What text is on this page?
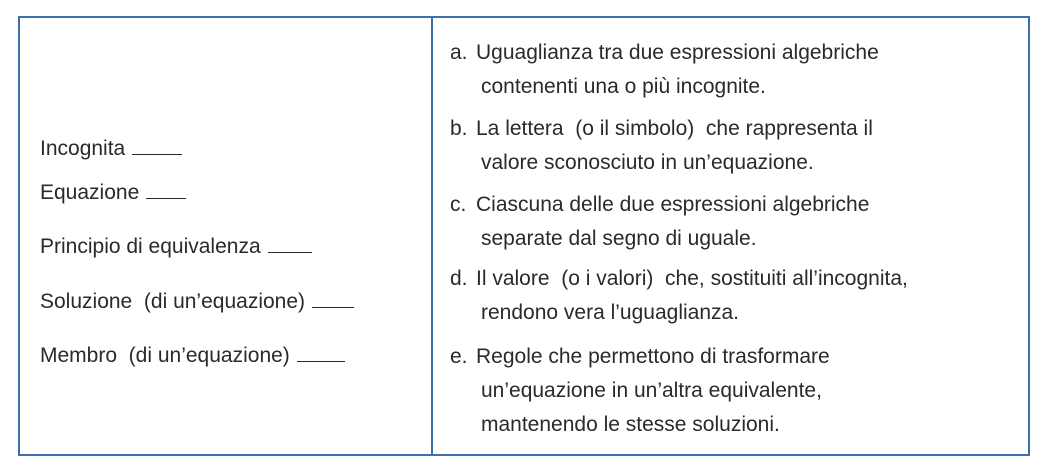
Incognita
Equazione
Principio di equivalenza
Soluzione  (di un’equazione)
Membro  (di un’equazione)
a. Uguaglianza tra due espressioni algebriche
contenenti una o più incognite.
b. La lettera  (o il simbolo)  che rappresenta il
valore sconosciuto in un’equazione.
c. Ciascuna delle due espressioni algebriche
separate dal segno di uguale.
d. Il valore  (o i valori)  che, sostituiti all’incognita,
rendono vera l’uguaglianza.
e. Regole che permettono di trasformare
un’equazione in un’altra equivalente,
mantenendo le stesse soluzioni.
